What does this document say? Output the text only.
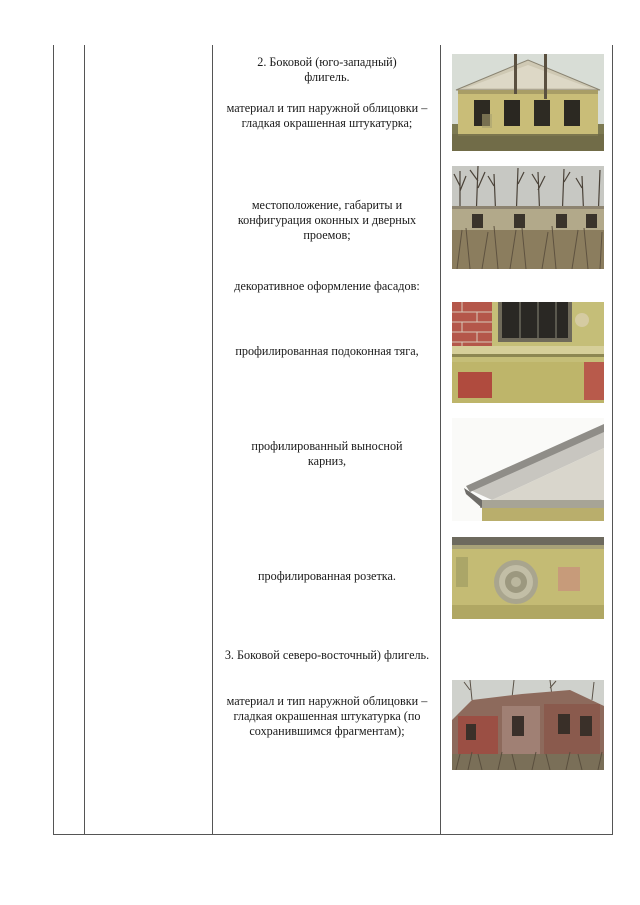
2. Боковой (юго-западный) флигель.
материал и тип наружной облицовки – гладкая окрашенная штукатурка;
местоположение, габариты и конфигурация оконных и дверных проемов;
декоративное оформление фасадов:
профилированная подоконная тяга,
профилированный выносной карниз,
профилированная розетка.
3. Боковой северо-восточный) флигель.
материал и тип наружной облицовки – гладкая окрашенная штукатурка (по сохранившимся фрагментам);
